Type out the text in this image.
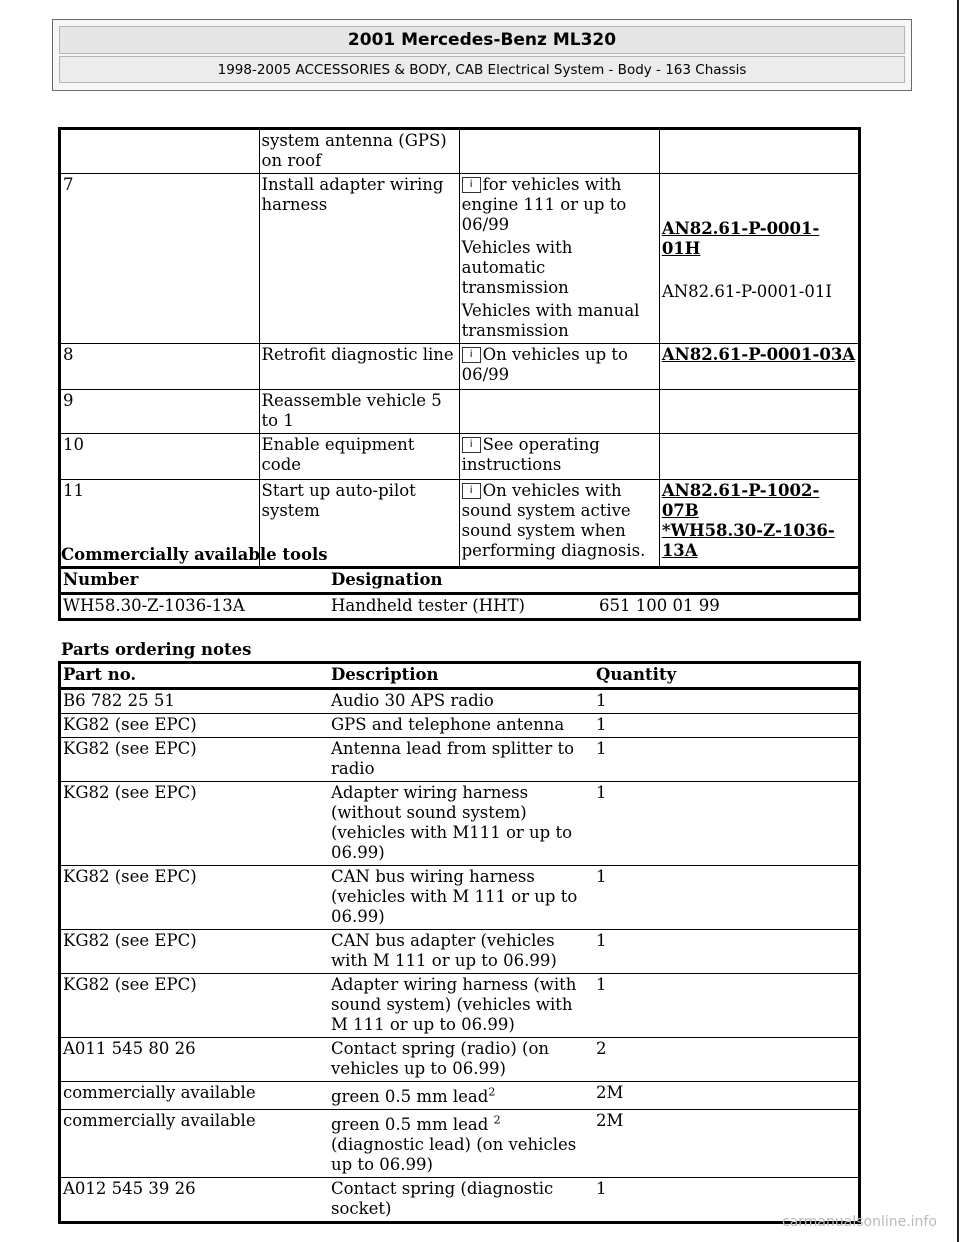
2001 Mercedes-Benz ML320
1998-2005 ACCESSORIES & BODY, CAB Electrical System - Body - 163 Chassis
	system antenna (GPS) on roof		
7	Install adapter wiring harness	i for vehicles with engine 111 or up to 06/99
Vehicles with automatic transmission
Vehicles with manual transmission	AN82.61-P-0001-01H
AN82.61-P-0001-01I

8	Retrofit diagnostic line	i On vehicles up to 06/99	AN82.61-P-0001-03A
9	Reassemble vehicle 5 to 1		
10	Enable equipment code	i See operating instructions	
11	Start up auto-pilot system	i On vehicles with sound system active sound system when performing diagnosis.	AN82.61-P-1002-07B
*WH58.30-Z-1036-13A
Commercially available tools
Number	Designation	
WH58.30-Z-1036-13A	Handheld tester (HHT)	651 100 01 99
Parts ordering notes
Part no.	Description	Quantity
B6 782 25 51	Audio 30 APS radio	1
KG82 (see EPC)	GPS and telephone antenna	1
KG82 (see EPC)	Antenna lead from splitter to radio	1
KG82 (see EPC)	Adapter wiring harness (without sound system) (vehicles with M111 or up to 06.99)	1
KG82 (see EPC)	CAN bus wiring harness (vehicles with M 111 or up to 06.99)	1
KG82 (see EPC)	CAN bus adapter (vehicles with M 111 or up to 06.99)	1
KG82 (see EPC)	Adapter wiring harness (with sound system) (vehicles with M 111 or up to 06.99)	1
A011 545 80 26	Contact spring (radio) (on vehicles up to 06.99)	2
commercially available	green 0.5 mm lead$^2$	2M
commercially available	green 0.5 mm lead $^2$ (diagnostic lead) (on vehicles up to 06.99)	2M
A012 545 39 26	Contact spring (diagnostic socket)	1
carmanualsonline.info
